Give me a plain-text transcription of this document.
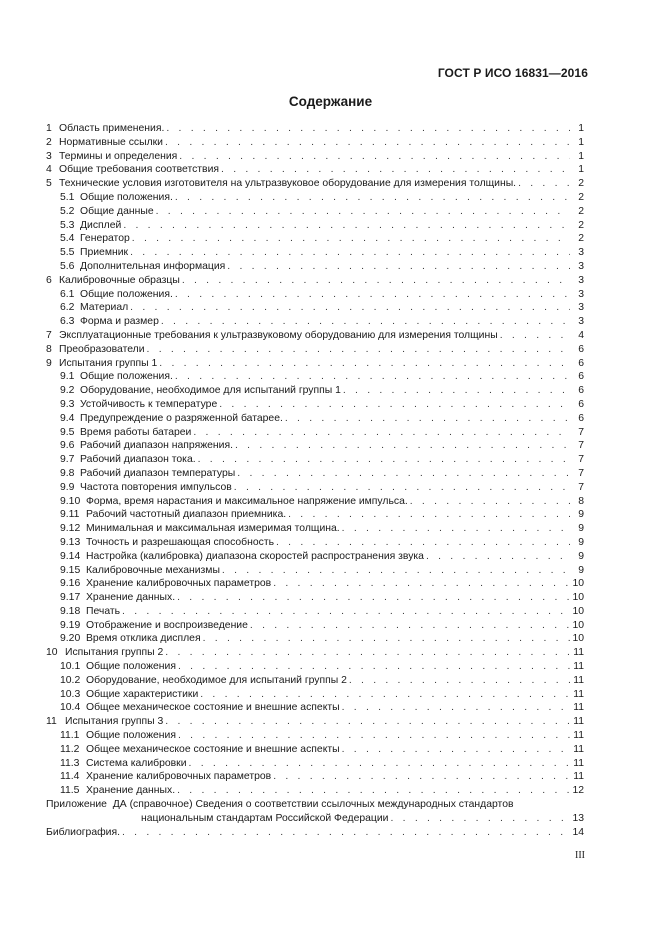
ГОСТ Р ИСО 16831—2016
Содержание
1 Область применения. . . .	1
2 Нормативные ссылки . . .	1
3 Термины и определения . . .	1
4 Общие требования соответствия . . .	1
5 Технические условия изготовителя на ультразвуковое оборудование для измерения толщины. . . .	2
5.1 Общие положения. . . .	2
5.2 Общие данные . . .	2
5.3 Дисплей . . .	2
5.4 Генератор . . .	2
5.5 Приемник . . .	3
5.6 Дополнительная информация . . .	3
6 Калибровочные образцы . . .	3
6.1 Общие положения. . . .	3
6.2 Материал . . .	3
6.3 Форма и размер . . .	3
7 Эксплуатационные требования к ультразвуковому оборудованию для измерения толщины . . .	4
8 Преобразователи . . .	6
9 Испытания группы 1 . . .	6
9.1 Общие положения. . . .	6
9.2 Оборудование, необходимое для испытаний группы 1 . . .	6
9.3 Устойчивость к температуре . . .	6
9.4 Предупреждение о разряженной батарее. . . .	6
9.5 Время работы батареи . . .	7
9.6 Рабочий диапазон напряжения. . . .	7
9.7 Рабочий диапазон тока. . . .	7
9.8 Рабочий диапазон температуры . . .	7
9.9 Частота повторения импульсов . . .	7
9.10 Форма, время нарастания и максимальное напряжение импульса. . . .	8
9.11 Рабочий частотный диапазон приемника. . . .	9
9.12 Минимальная и максимальная измеримая толщина. . . .	9
9.13 Точность и разрешающая способность . . .	9
9.14 Настройка (калибровка) диапазона скоростей распространения звука . . .	9
9.15 Калибровочные механизмы . . .	9
9.16 Хранение калибровочных параметров . . .	10
9.17 Хранение данных. . . .	10
9.18 Печать . . .	10
9.19 Отображение и воспроизведение . . .	10
9.20 Время отклика дисплея . . .	10
10 Испытания группы 2 . . .	11
10.1 Общие положения . . .	11
10.2 Оборудование, необходимое для испытаний группы 2 . . .	11
10.3 Общие характеристики . . .	11
10.4 Общее механическое состояние и внешние аспекты . . .	11
11 Испытания группы 3 . . .	11
11.1 Общие положения . . .	11
11.2 Общее механическое состояние и внешние аспекты . . .	11
11.3 Система калибровки . . .	11
11.4 Хранение калибровочных параметров . . .	11
11.5 Хранение данных. . . .	12
Приложение ДА (справочное) Сведения о соответствии ссылочных международных стандартов
национальным стандартам Российской Федерации . . .	13
Библиография. . . .	14
III
